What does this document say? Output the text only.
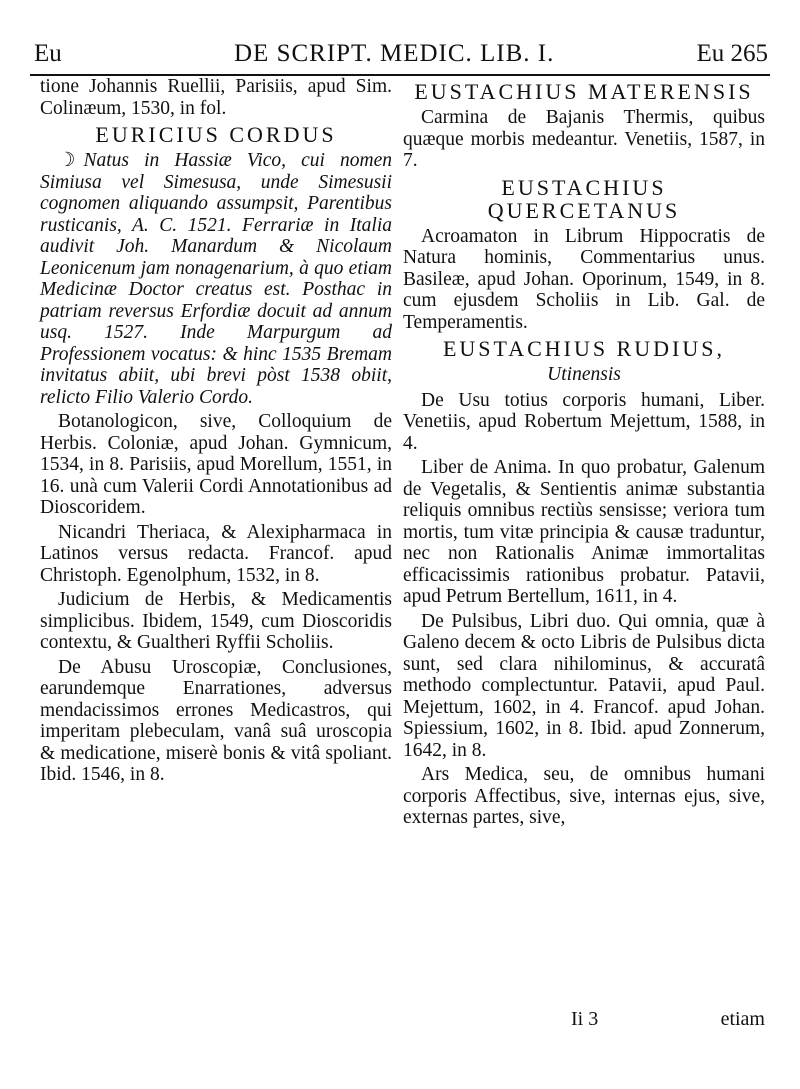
Eu	DE SCRIPT. MEDIC. LIB. I.	Eu 265

tione Johannis Ruellii, Parisiis, apud Sim. Colinæum, 1530, in fol.

EURICIUS CORDUS

☽ Natus in Hassiæ Vico, cui nomen Simiusa vel Simesusa, unde Simesusii cognomen aliquando assumpsit, Parentibus rusticanis, A. C. 1521. Ferrariæ in Italia audivit Joh. Manardum & Nicolaum Leonicenum jam nonagenarium, à quo etiam Medicinæ Doctor creatus est. Posthac in patriam reversus Erfordiæ docuit ad annum usq. 1527. Inde Marpurgum ad Professionem vocatus: & hinc 1535 Bremam invitatus abiit, ubi brevi pòst 1538 obiit, relicto Filio Valerio Cordo.

Botanologicon, sive, Colloquium de Herbis. Coloniæ, apud Johan. Gymnicum, 1534, in 8. Parisiis, apud Morellum, 1551, in 16. unà cum Valerii Cordi Annotationibus ad Dioscoridem.

Nicandri Theriaca, & Alexipharmaca in Latinos versus redacta. Francof. apud Christoph. Egenolphum, 1532, in 8.

Judicium de Herbis, & Medicamentis simplicibus. Ibidem, 1549, cum Dioscoridis contextu, & Gualtheri Ryffii Scholiis.

De Abusu Uroscopiæ, Conclusiones, earundemque Enarrationes, adversus mendacissimos errones Medicastros, qui imperitam plebeculam, vanâ suâ uroscopia & medicatione, miserè bonis & vitâ spoliant. Ibid. 1546, in 8.

EUSTACHIUS MATERENSIS

Carmina de Bajanis Thermis, quibus quæque morbis medeantur. Venetiis, 1587, in 7.

EUSTACHIUS QUERCETANUS

Acroamaton in Librum Hippocratis de Natura hominis, Commentarius unus. Basileæ, apud Johan. Oporinum, 1549, in 8. cum ejusdem Scholiis in Lib. Gal. de Temperamentis.

EUSTACHIUS RUDIUS,
Utinensis

De Usu totius corporis humani, Liber. Venetiis, apud Robertum Mejettum, 1588, in 4.

Liber de Anima. In quo probatur, Galenum de Vegetalis, & Sentientis animæ substantia reliquis omnibus rectiùs sensisse; veriora tum mortis, tum vitæ principia & causæ traduntur, nec non Rationalis Animæ immortalitas efficacissimis rationibus probatur. Patavii, apud Petrum Bertellum, 1611, in 4.

De Pulsibus, Libri duo. Qui omnia, quæ à Galeno decem & octo Libris de Pulsibus dicta sunt, sed clara nihilominus, & accuratâ methodo complectuntur. Patavii, apud Paul. Mejettum, 1602, in 4. Francof. apud Johan. Spiessium, 1602, in 8. Ibid. apud Zonnerum, 1642, in 8.

Ars Medica, seu, de omnibus humani corporis Affectibus, sive, internas ejus, sive, externas partes, sive,

Ii 3	etiam
